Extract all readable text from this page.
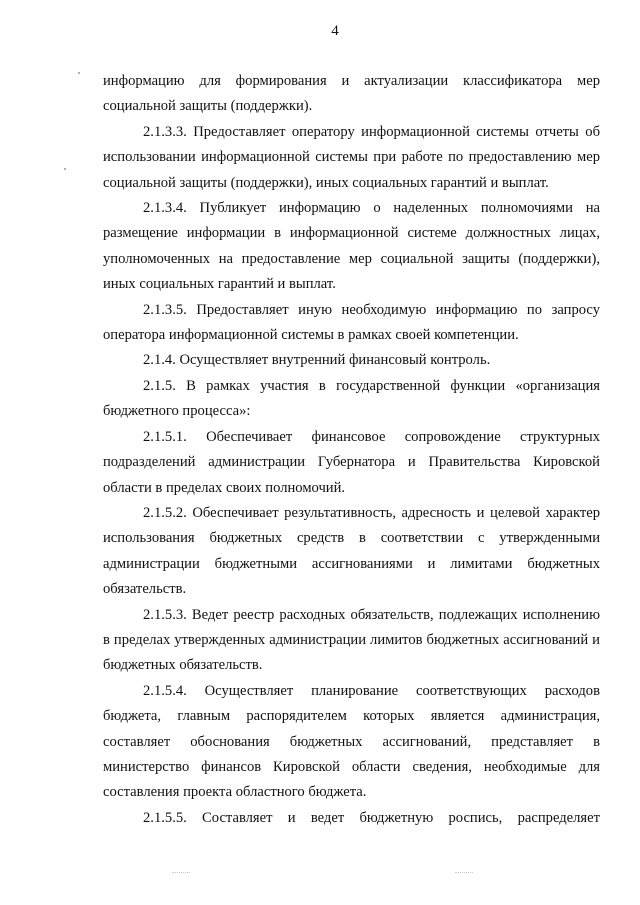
4

информацию для формирования и актуализации классификатора мер социальной защиты (поддержки).

2.1.3.3. Предоставляет оператору информационной системы отчеты об использовании информационной системы при работе по предоставлению мер социальной защиты (поддержки), иных социальных гарантий и выплат.

2.1.3.4. Публикует информацию о наделенных полномочиями на размещение информации в информационной системе должностных лицах, уполномоченных на предоставление мер социальной защиты (поддержки), иных социальных гарантий и выплат.

2.1.3.5. Предоставляет иную необходимую информацию по запросу оператора информационной системы в рамках своей компетенции.

2.1.4. Осуществляет внутренний финансовый контроль.

2.1.5. В рамках участия в государственной функции «организация бюджетного процесса»:

2.1.5.1. Обеспечивает финансовое сопровождение структурных подразделений администрации Губернатора и Правительства Кировской области в пределах своих полномочий.

2.1.5.2. Обеспечивает результативность, адресность и целевой характер использования бюджетных средств в соответствии с утвержденными администрации бюджетными ассигнованиями и лимитами бюджетных обязательств.

2.1.5.3. Ведет реестр расходных обязательств, подлежащих исполнению в пределах утвержденных администрации лимитов бюджетных ассигнований и бюджетных обязательств.

2.1.5.4. Осуществляет планирование соответствующих расходов бюджета, главным распорядителем которых является администрация, составляет обоснования бюджетных ассигнований, представляет в министерство финансов Кировской области сведения, необходимые для составления проекта областного бюджета.

2.1.5.5. Составляет и ведет бюджетную роспись, распределяет
